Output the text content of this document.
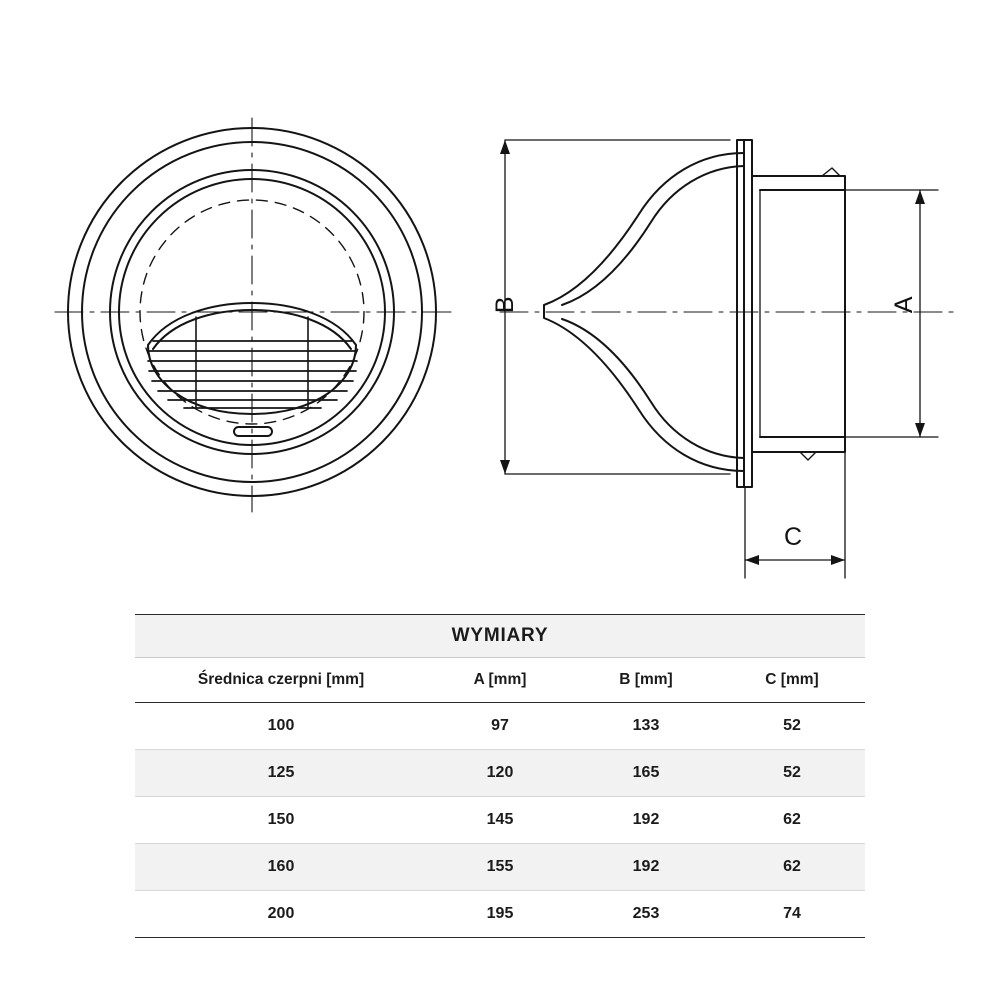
B	A
C
WYMIARY			
Średnica czerpni [mm]	A [mm]	B [mm]	C [mm]
100	97	133	52
125	120	165	52
150	145	192	62
160	155	192	62
200	195	253	74
